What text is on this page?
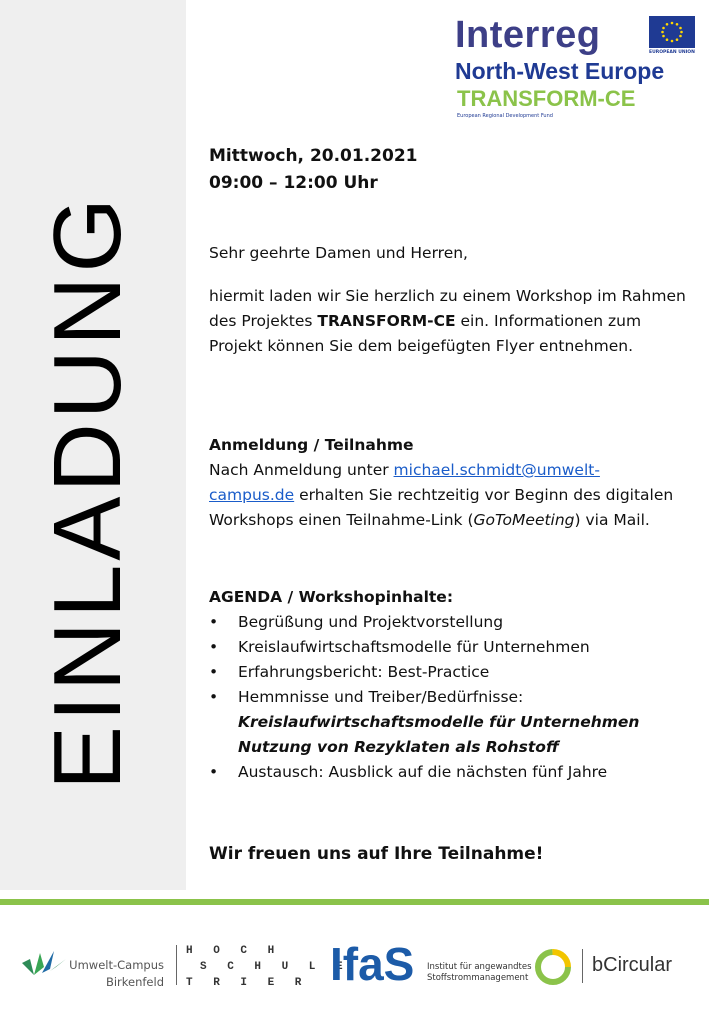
EINLADUNG
Interreg	EUROPEAN UNION
North-West Europe
TRANSFORM-CE
European Regional Development Fund
Mittwoch, 20.01.2021
09:00 – 12:00 Uhr
Sehr geehrte Damen und Herren,
hiermit laden wir Sie herzlich zu einem Workshop im Rahmen des Projektes TRANSFORM-CE ein. Informationen zum Projekt können Sie dem beigefügten Flyer entnehmen.
Anmeldung / Teilnahme
Nach Anmeldung unter michael.schmidt@umwelt-
campus.de erhalten Sie rechtzeitig vor Beginn des digitalen Workshops einen Teilnahme-Link (GoToMeeting) via Mail.
AGENDA / Workshopinhalte:
• Begrüßung und Projektvorstellung
• Kreislaufwirtschaftsmodelle für Unternehmen
• Erfahrungsbericht: Best-Practice
• Hemmnisse und Treiber/Bedürfnisse:
Kreislaufwirtschaftsmodelle für Unternehmen
Nutzung von Rezyklaten als Rohstoff
• Austausch: Ausblick auf die nächsten fünf Jahre
Wir freuen uns auf Ihre Teilnahme!
Umwelt-Campus
Birkenfeld
H O C H
S C H U L E
T R I E R IfaS Institut für angewandtes
Stoffstrommanagement
bCircular
